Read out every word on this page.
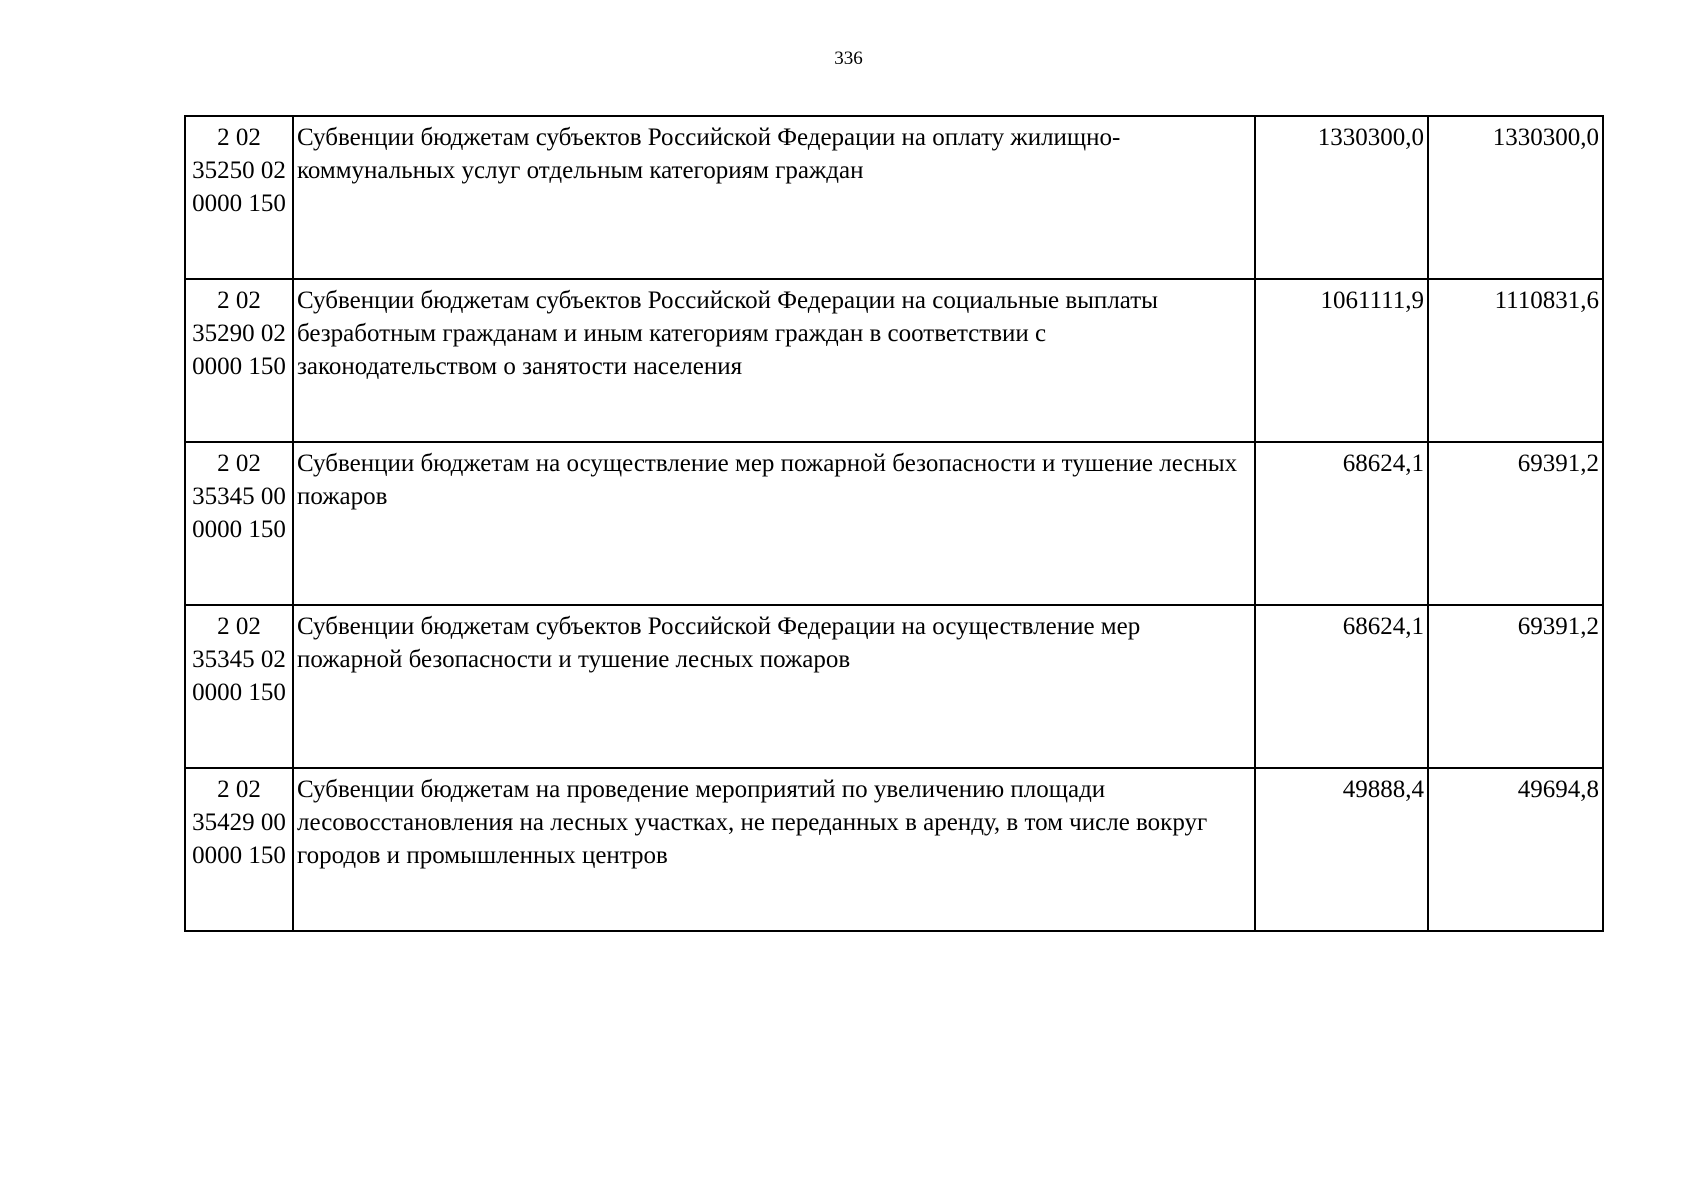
336
2 02
35250 02
0000 150	Субвенции бюджетам субъектов Российской Федерации на оплату жилищно-коммунальных услуг отдельным категориям граждан	1330300,0	1330300,0

2 02
35290 02
0000 150	Субвенции бюджетам субъектов Российской Федерации на социальные выплаты безработным гражданам и иным категориям граждан в соответствии с законодательством о занятости населения	1061111,9	1110831,6

2 02
35345 00
0000 150	Субвенции бюджетам на осуществление мер пожарной безопасности и тушение лесных пожаров	68624,1	69391,2

2 02
35345 02
0000 150	Субвенции бюджетам субъектов Российской Федерации на осуществление мер пожарной безопасности и тушение лесных пожаров	68624,1	69391,2

2 02
35429 00
0000 150	Субвенции бюджетам на проведение мероприятий по увеличению площади лесовосстановления на лесных участках, не переданных в аренду, в том числе вокруг городов и промышленных центров	49888,4	49694,8
